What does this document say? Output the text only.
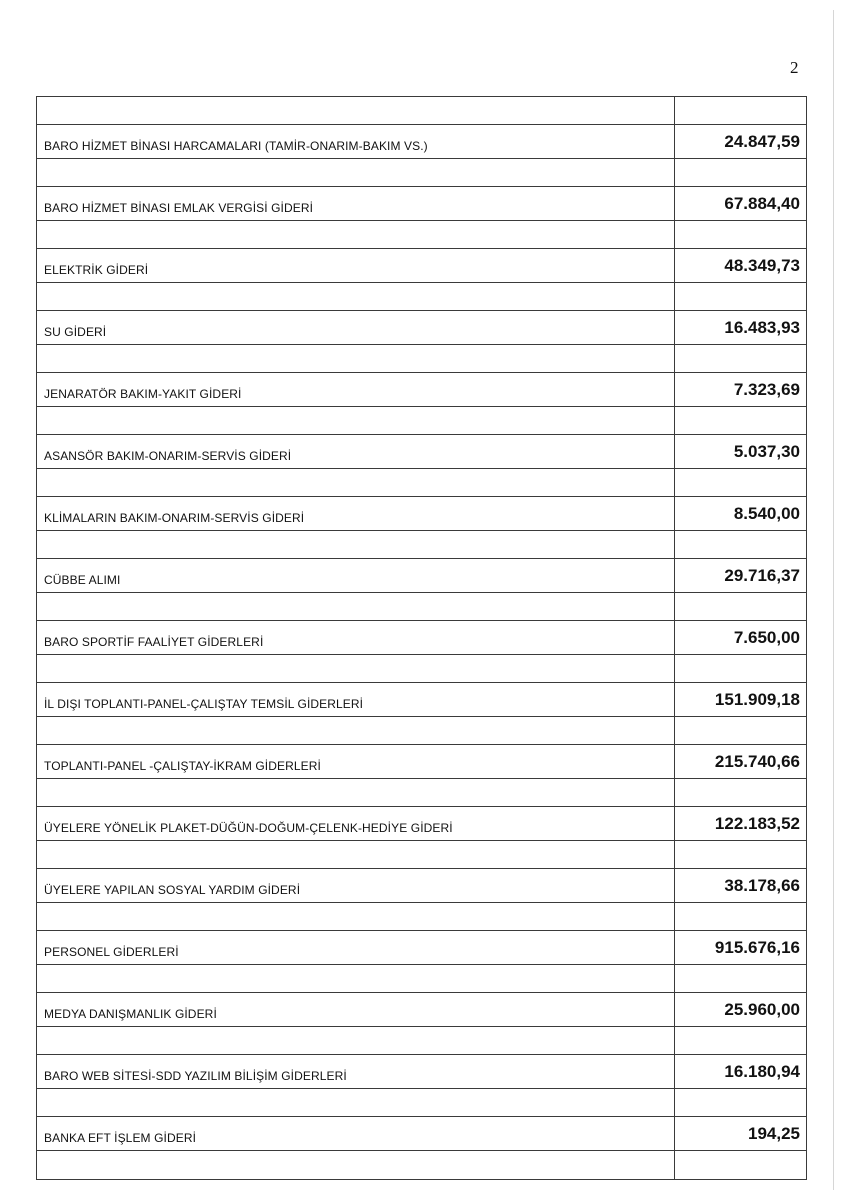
2

BARO HİZMET BİNASI HARCAMALARI (TAMİR-ONARIM-BAKIM VS.)	24.847,59

BARO HİZMET BİNASI EMLAK VERGİSİ GİDERİ	67.884,40

ELEKTRİK GİDERİ	48.349,73

SU GİDERİ	16.483,93

JENARATÖR BAKIM-YAKIT GİDERİ	7.323,69

ASANSÖR BAKIM-ONARIM-SERVİS GİDERİ	5.037,30

KLİMALARIN BAKIM-ONARIM-SERVİS GİDERİ	8.540,00

CÜBBE ALIMI	29.716,37

BARO SPORTİF FAALİYET GİDERLERİ	7.650,00

İL DIŞI TOPLANTI-PANEL-ÇALIŞTAY TEMSİL GİDERLERİ	151.909,18

TOPLANTI-PANEL -ÇALIŞTAY-İKRAM GİDERLERİ	215.740,66

ÜYELERE YÖNELİK PLAKET-DÜĞÜN-DOĞUM-ÇELENK-HEDİYE GİDERİ	122.183,52

ÜYELERE YAPILAN SOSYAL YARDIM GİDERİ	38.178,66

PERSONEL GİDERLERİ	915.676,16

MEDYA DANIŞMANLIK GİDERİ	25.960,00

BARO WEB SİTESİ-SDD YAZILIM BİLİŞİM GİDERLERİ	16.180,94

BANKA EFT İŞLEM GİDERİ	194,25
